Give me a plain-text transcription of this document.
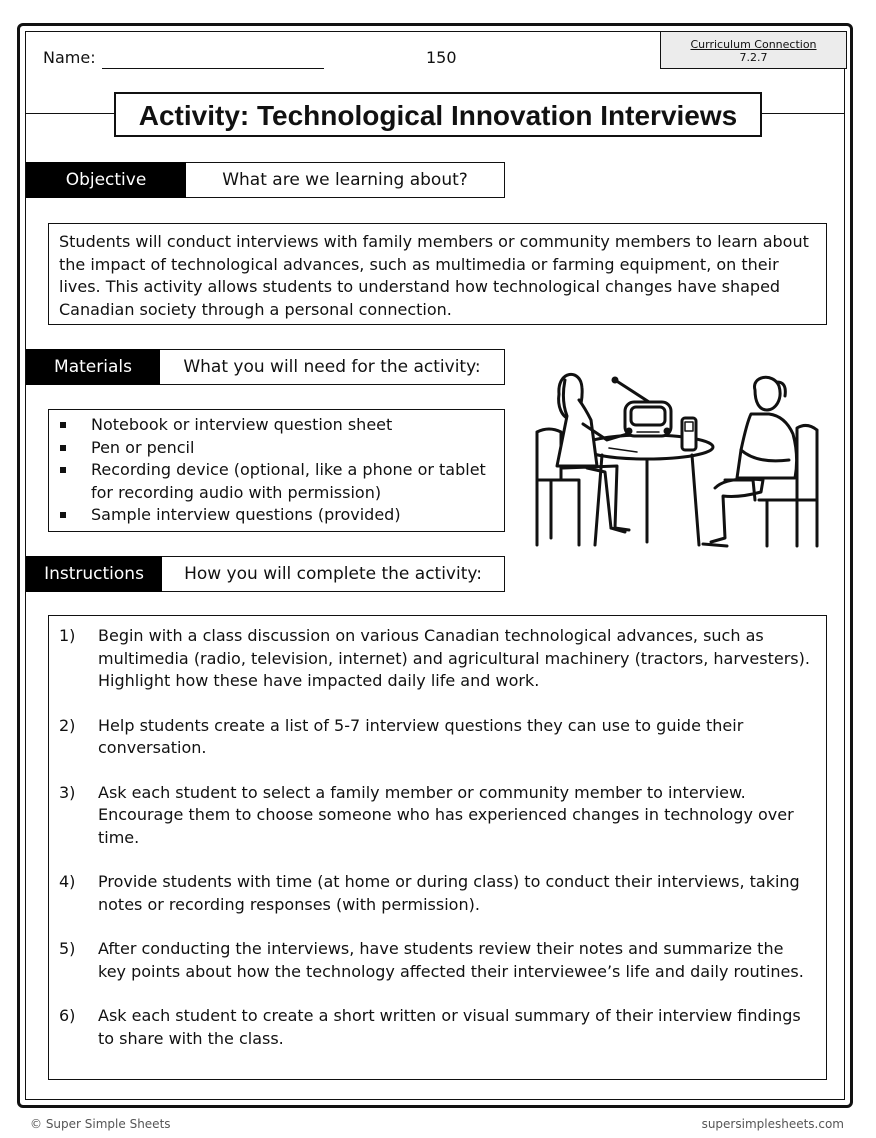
Name:	150
Curriculum Connection
7.2.7
Activity: Technological Innovation Interviews
Objective	What are we learning about?
Students will conduct interviews with family members or community members to learn about the impact of technological advances, such as multimedia or farming equipment, on their lives. This activity allows students to understand how technological changes have shaped Canadian society through a personal connection.
Materials	What you will need for the activity:
Notebook or interview question sheet
Pen or pencil
Recording device (optional, like a phone or tablet for recording audio with permission)
Sample interview questions (provided)
Instructions	How you will complete the activity:
1) Begin with a class discussion on various Canadian technological advances, such as multimedia (radio, television, internet) and agricultural machinery (tractors, harvesters). Highlight how these have impacted daily life and work.
2) Help students create a list of 5-7 interview questions they can use to guide their conversation.
3) Ask each student to select a family member or community member to interview. Encourage them to choose someone who has experienced changes in technology over time.
4) Provide students with time (at home or during class) to conduct their interviews, taking notes or recording responses (with permission).
5) After conducting the interviews, have students review their notes and summarize the key points about how the technology affected their interviewee’s life and daily routines.
6) Ask each student to create a short written or visual summary of their interview findings to share with the class.
© Super Simple Sheets	supersimplesheets.com
